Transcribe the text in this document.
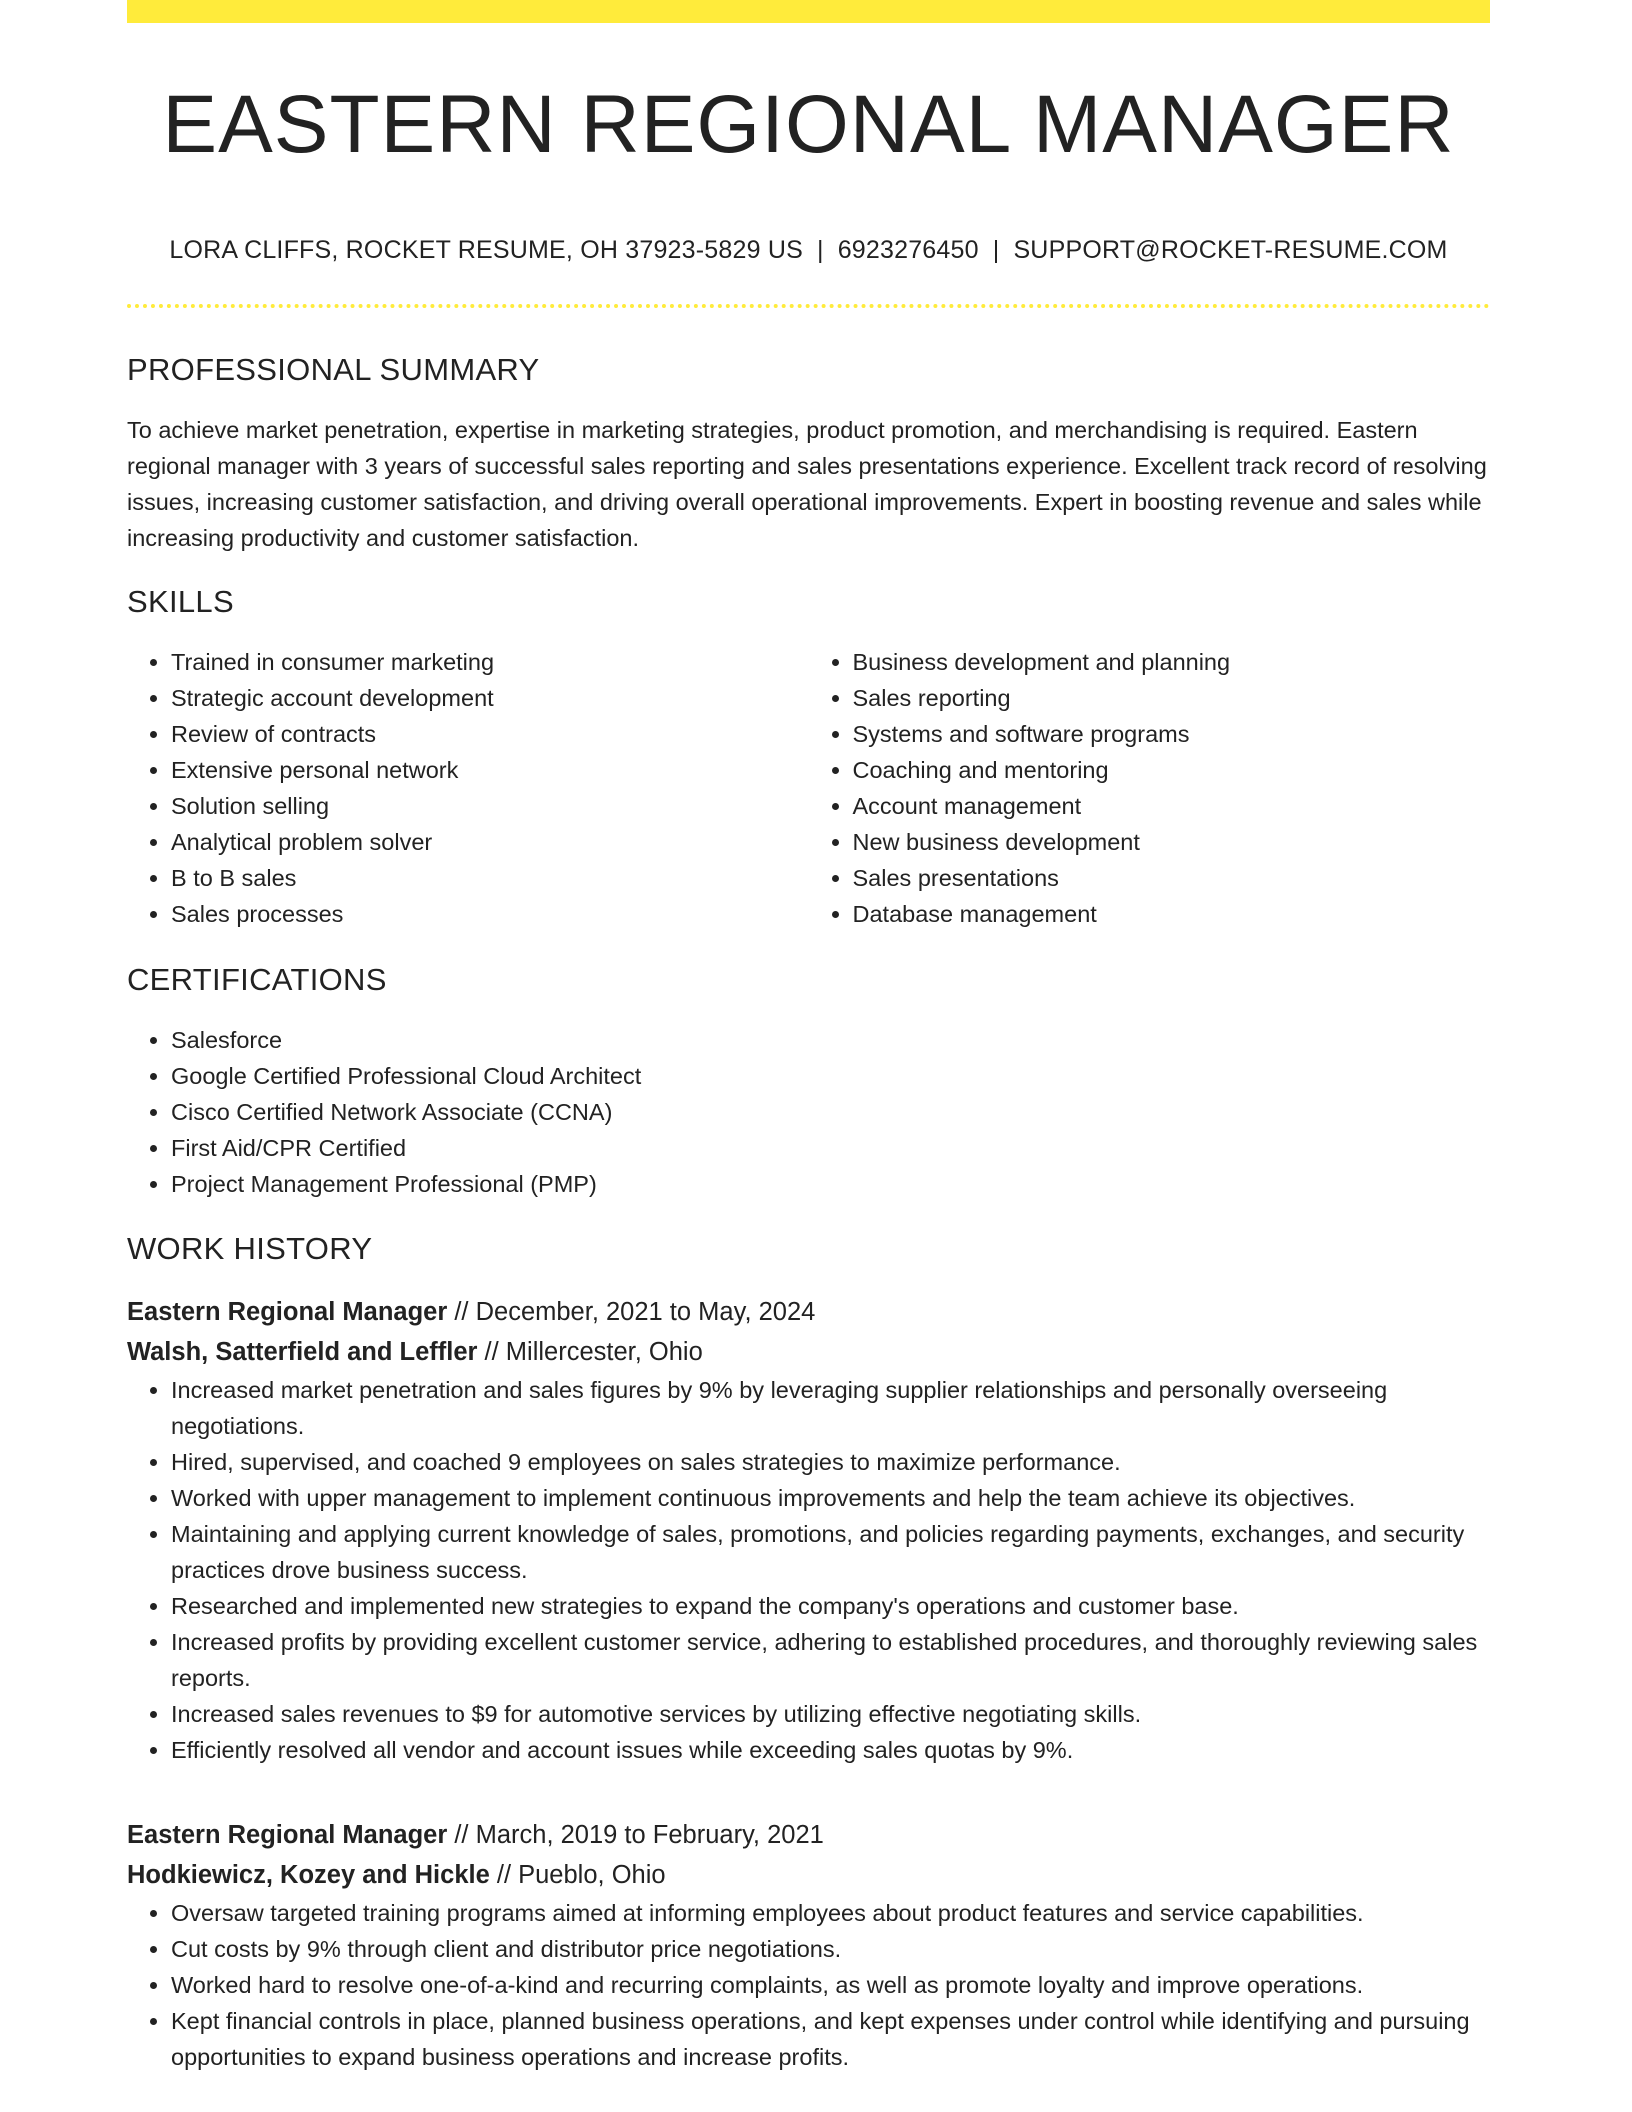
EASTERN REGIONAL MANAGER
LORA CLIFFS, ROCKET RESUME, OH 37923-5829 US | 6923276450 | SUPPORT@ROCKET-RESUME.COM
PROFESSIONAL SUMMARY

To achieve market penetration, expertise in marketing strategies, product promotion, and merchandising is required. Eastern regional manager with 3 years of successful sales reporting and sales presentations experience. Excellent track record of resolving issues, increasing customer satisfaction, and driving overall operational improvements. Expert in boosting revenue and sales while increasing productivity and customer satisfaction.

SKILLS
• Trained in consumer marketing
• Strategic account development
• Review of contracts
• Extensive personal network
• Solution selling
• Analytical problem solver
• B to B sales
• Sales processes
• Business development and planning
• Sales reporting
• Systems and software programs
• Coaching and mentoring
• Account management
• New business development
• Sales presentations
• Database management
CERTIFICATIONS
• Salesforce
• Google Certified Professional Cloud Architect
• Cisco Certified Network Associate (CCNA)
• First Aid/CPR Certified
• Project Management Professional (PMP)
WORK HISTORY
Eastern Regional Manager // December, 2021 to May, 2024
Walsh, Satterfield and Leffler // Millercester, Ohio
• Increased market penetration and sales figures by 9% by leveraging supplier relationships and personally overseeing negotiations.
• Hired, supervised, and coached 9 employees on sales strategies to maximize performance.
• Worked with upper management to implement continuous improvements and help the team achieve its objectives.
• Maintaining and applying current knowledge of sales, promotions, and policies regarding payments, exchanges, and security practices drove business success.
• Researched and implemented new strategies to expand the company's operations and customer base.
• Increased profits by providing excellent customer service, adhering to established procedures, and thoroughly reviewing sales reports.
• Increased sales revenues to $9 for automotive services by utilizing effective negotiating skills.
• Efficiently resolved all vendor and account issues while exceeding sales quotas by 9%.
Eastern Regional Manager // March, 2019 to February, 2021
Hodkiewicz, Kozey and Hickle // Pueblo, Ohio
• Oversaw targeted training programs aimed at informing employees about product features and service capabilities.
• Cut costs by 9% through client and distributor price negotiations.
• Worked hard to resolve one-of-a-kind and recurring complaints, as well as promote loyalty and improve operations.
• Kept financial controls in place, planned business operations, and kept expenses under control while identifying and pursuing opportunities to expand business operations and increase profits.
